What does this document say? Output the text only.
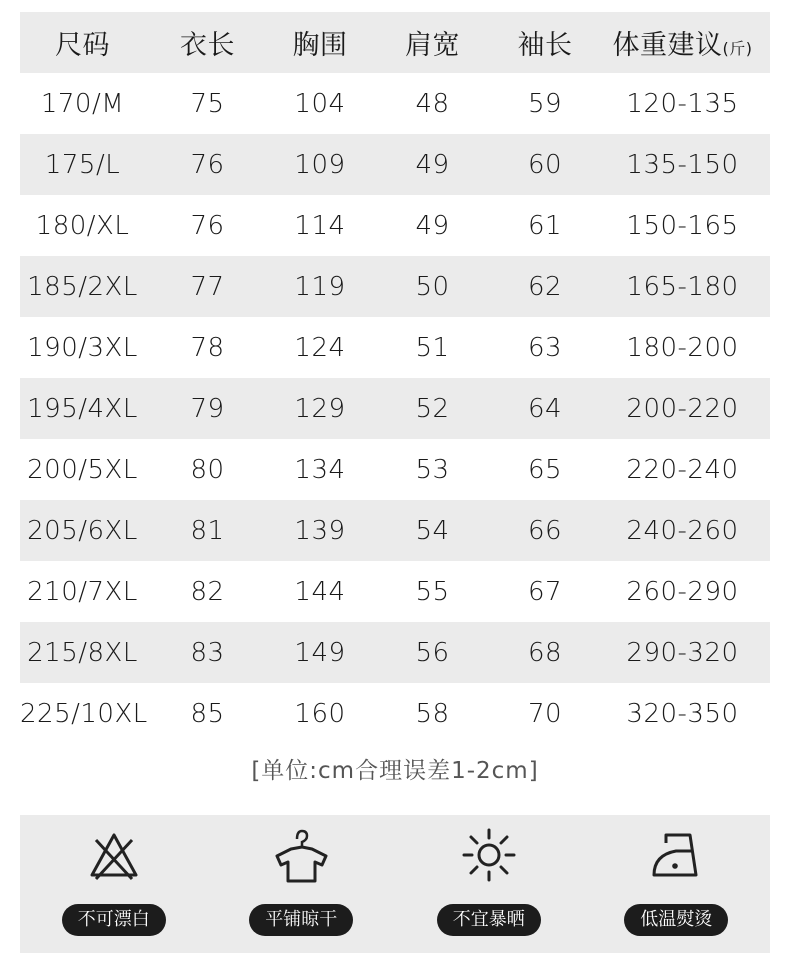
尺码	衣长	胸围	肩宽	袖长	体重建议(斤)
170/M	75	104	48	59	120-135
175/L	76	109	49	60	135-150
180/XL	76	114	49	61	150-165
185/2XL	77	119	50	62	165-180
190/3XL	78	124	51	63	180-200
195/4XL	79	129	52	64	200-220
200/5XL	80	134	53	65	220-240
205/6XL	81	139	54	66	240-260
210/7XL	82	144	55	67	260-290
215/8XL	83	149	56	68	290-320
225/10XL	85	160	58	70	320-350
[单位:cm合理误差1-2cm]
不可漂白	平铺晾干	不宜暴晒	低温熨烫
